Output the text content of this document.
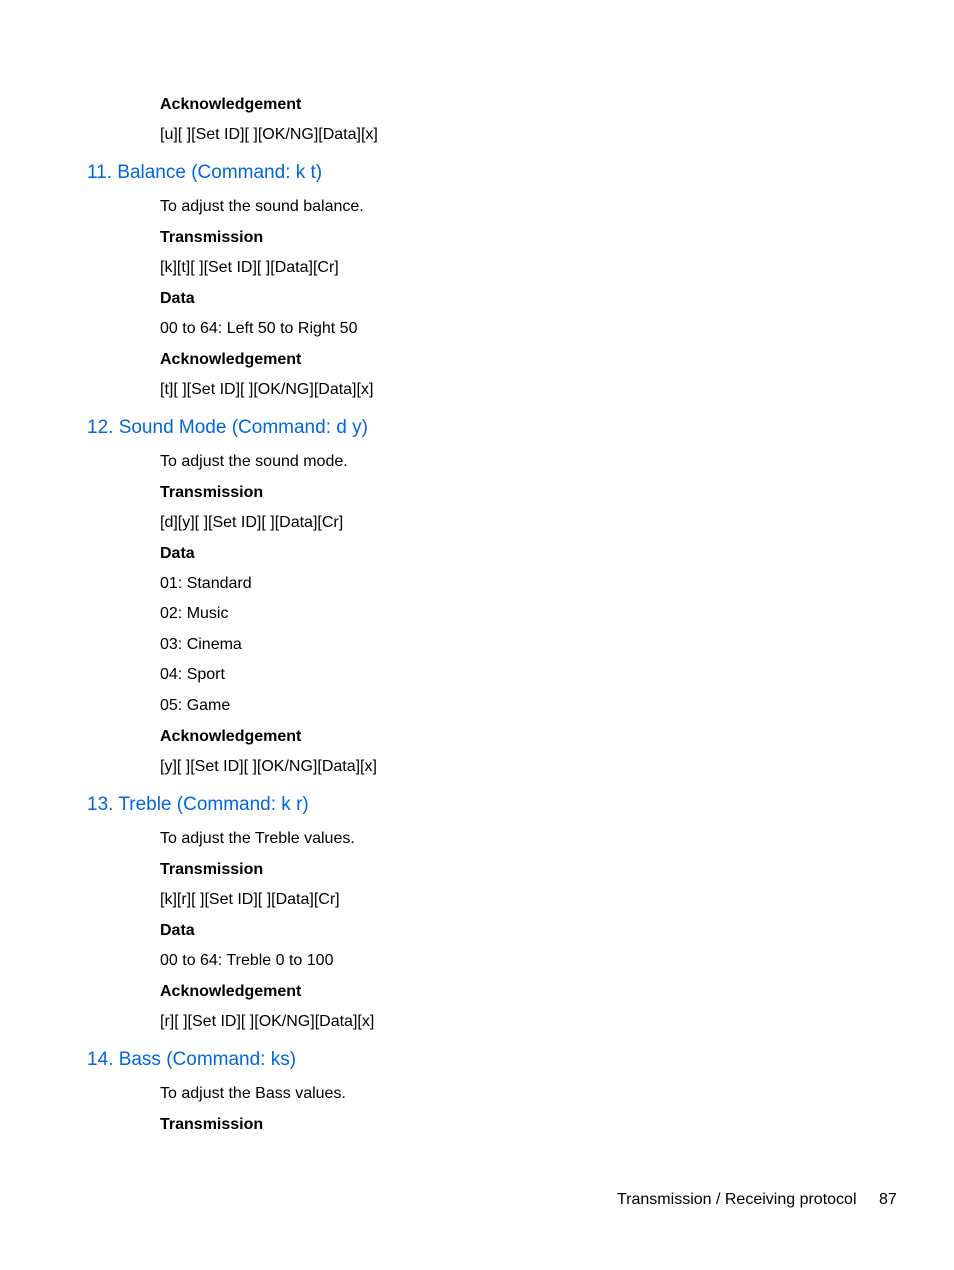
Acknowledgement
[u][ ][Set ID][ ][OK/NG][Data][x]
11. Balance (Command: k t)
To adjust the sound balance.
Transmission
[k][t][ ][Set ID][ ][Data][Cr]
Data
00 to 64: Left 50 to Right 50
Acknowledgement
[t][ ][Set ID][ ][OK/NG][Data][x]
12. Sound Mode (Command: d y)
To adjust the sound mode.
Transmission
[d][y][ ][Set ID][ ][Data][Cr]
Data
01: Standard
02: Music
03: Cinema
04: Sport
05: Game
Acknowledgement
[y][ ][Set ID][ ][OK/NG][Data][x]
13. Treble (Command: k r)
To adjust the Treble values.
Transmission
[k][r][ ][Set ID][ ][Data][Cr]
Data
00 to 64: Treble 0 to 100
Acknowledgement
[r][ ][Set ID][ ][OK/NG][Data][x]
14. Bass (Command: ks)
To adjust the Bass values.
Transmission
Transmission / Receiving protocol 87
